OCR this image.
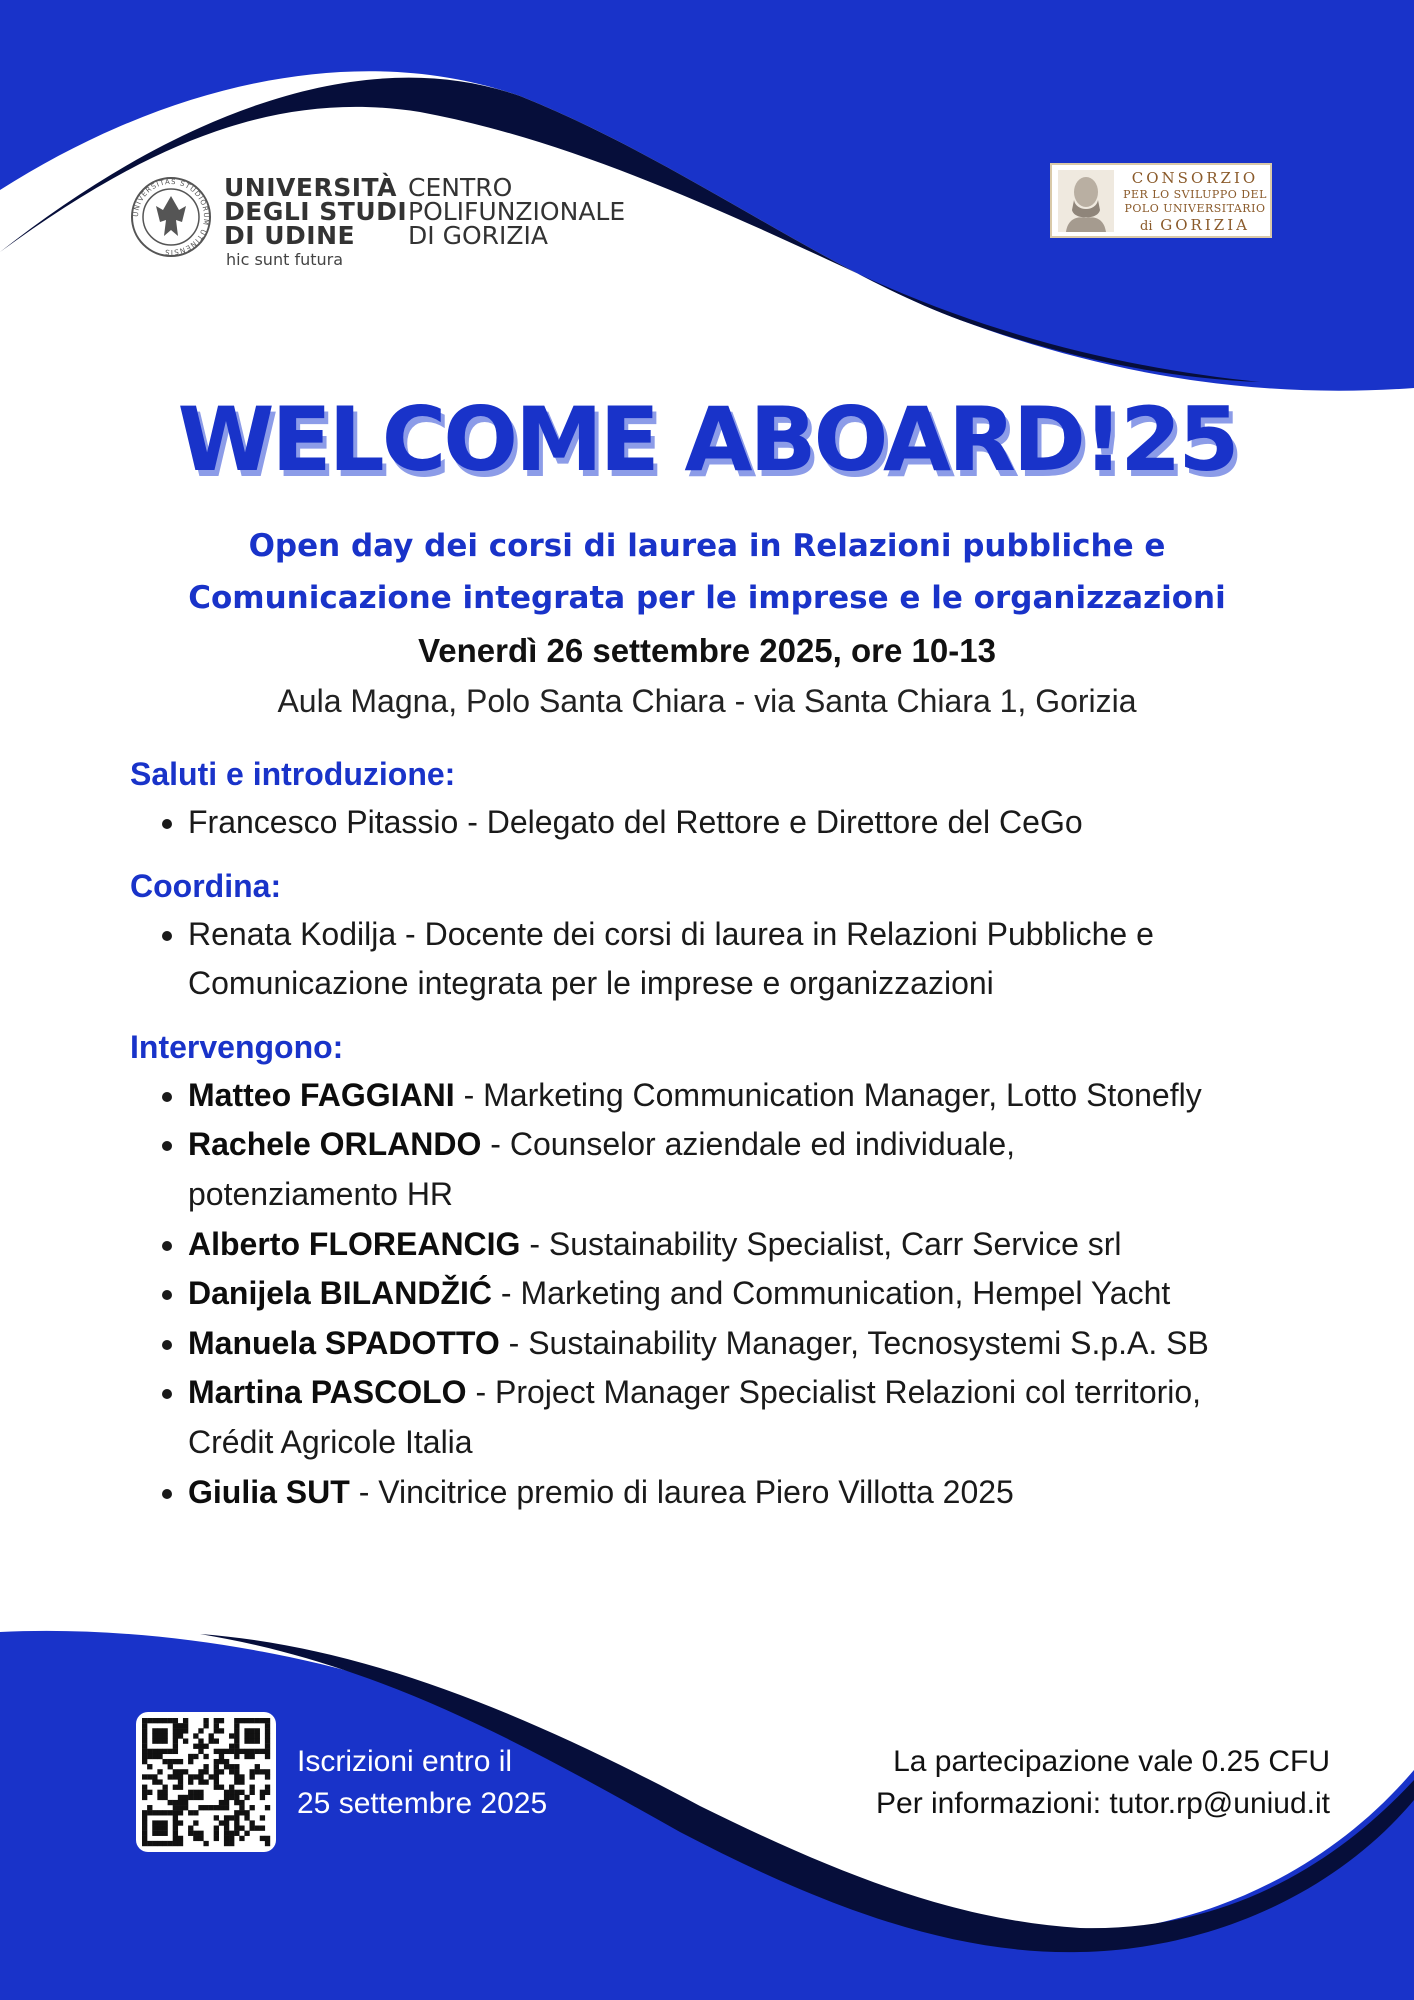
UNIVERSITAS STUDIORUM UTINENSIS
UNIVERSITÀ
DEGLI STUDI
DI UDINE
hic sunt futura
CENTRO
POLIFUNZIONALE
DI GORIZIA
CONSORZIO
PER LO SVILUPPO DEL
POLO UNIVERSITARIO
di GORIZIA
WELCOME ABOARD!25
Open day dei corsi di laurea in Relazioni pubbliche e
Comunicazione integrata per le imprese e le organizzazioni
Venerdì 26 settembre 2025, ore 10-13
Aula Magna, Polo Santa Chiara - via Santa Chiara 1, Gorizia
Saluti e introduzione:
• Francesco Pitassio - Delegato del Rettore e Direttore del CeGo
Coordina:
• Renata Kodilja - Docente dei corsi di laurea in Relazioni Pubbliche e Comunicazione integrata per le imprese e organizzazioni
Intervengono:
• Matteo FAGGIANI - Marketing Communication Manager, Lotto Stonefly
• Rachele ORLANDO - Counselor aziendale ed individuale, potenziamento HR
• Alberto FLOREANCIG - Sustainability Specialist, Carr Service srl
• Danijela BILANDŽIĆ - Marketing and Communication, Hempel Yacht
• Manuela SPADOTTO - Sustainability Manager, Tecnosystemi S.p.A. SB
• Martina PASCOLO - Project Manager Specialist Relazioni col territorio, Crédit Agricole Italia
• Giulia SUT - Vincitrice premio di laurea Piero Villotta 2025
Iscrizioni entro il
25 settembre 2025
La partecipazione vale 0.25 CFU
Per informazioni: tutor.rp@uniud.it
